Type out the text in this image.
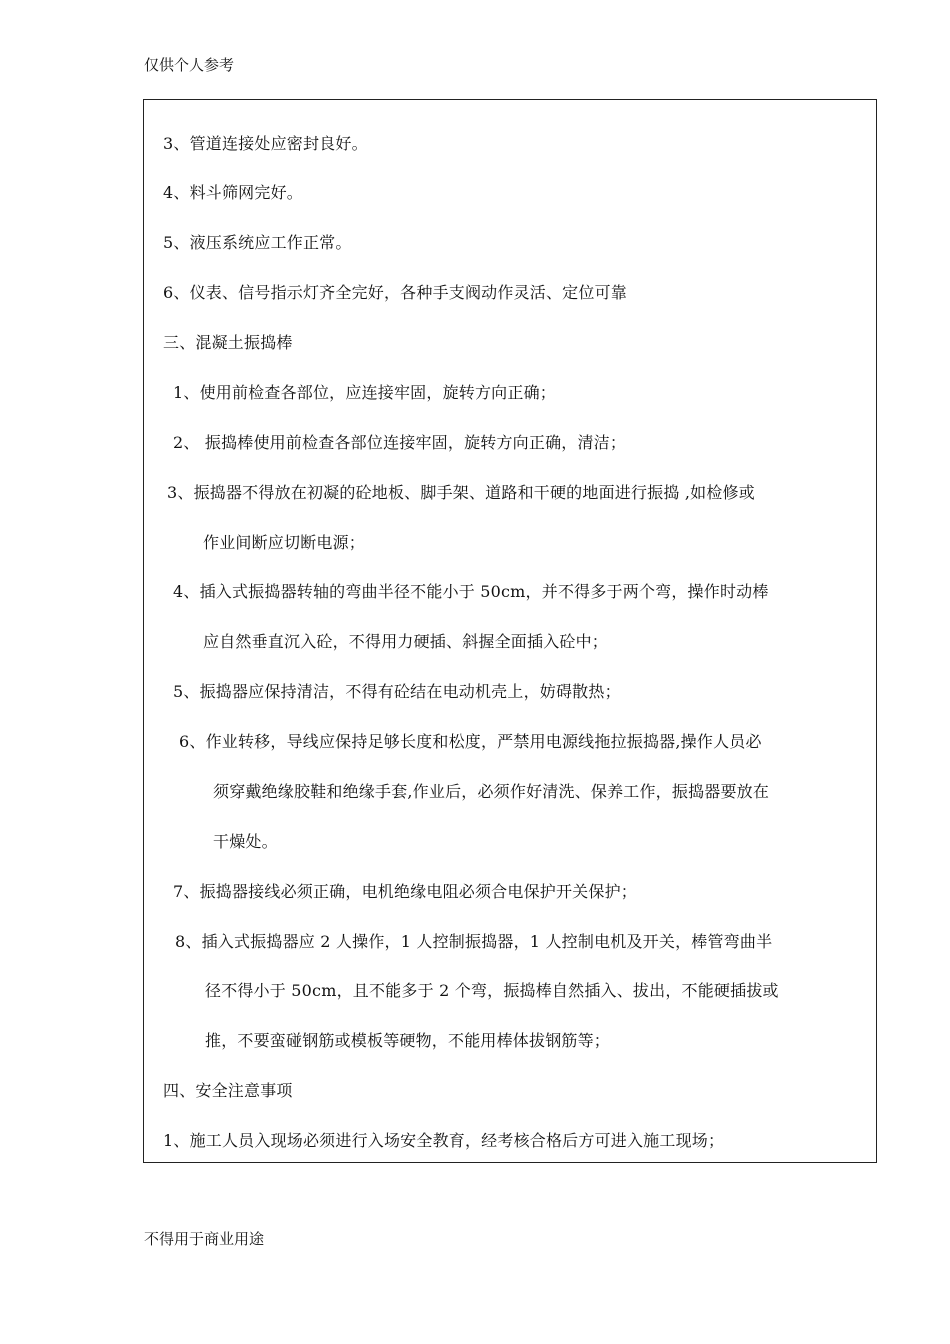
仅供个人参考
3、管道连接处应密封良好。
4、料斗筛网完好。
5、液压系统应工作正常。
6、仪表、信号指示灯齐全完好，各种手支阀动作灵活、定位可靠
三、混凝土振捣棒
1、使用前检查各部位，应连接牢固，旋转方向正确；
2、 振捣棒使用前检查各部位连接牢固，旋转方向正确，清洁；
3、振捣器不得放在初凝的砼地板、脚手架、道路和干硬的地面进行振捣 ,如检修或
作业间断应切断电源；
4、插入式振捣器转轴的弯曲半径不能小于 50cm，并不得多于两个弯，操作时动棒
应自然垂直沉入砼，不得用力硬插、斜握全面插入砼中；
5、振捣器应保持清洁，不得有砼结在电动机壳上，妨碍散热；
6、作业转移，导线应保持足够长度和松度，严禁用电源线拖拉振捣器,操作人员必
须穿戴绝缘胶鞋和绝缘手套,作业后，必须作好清洗、保养工作，振捣器要放在
干燥处。
7、振捣器接线必须正确，电机绝缘电阻必须合电保护开关保护；
8、插入式振捣器应 2 人操作，1 人控制振捣器，1 人控制电机及开关，棒管弯曲半
径不得小于 50cm，且不能多于 2 个弯，振捣棒自然插入、拔出，不能硬插拔或
推，不要蛮碰钢筋或模板等硬物，不能用棒体拔钢筋等；
四、安全注意事项
1、施工人员入现场必须进行入场安全教育，经考核合格后方可进入施工现场；
不得用于商业用途
